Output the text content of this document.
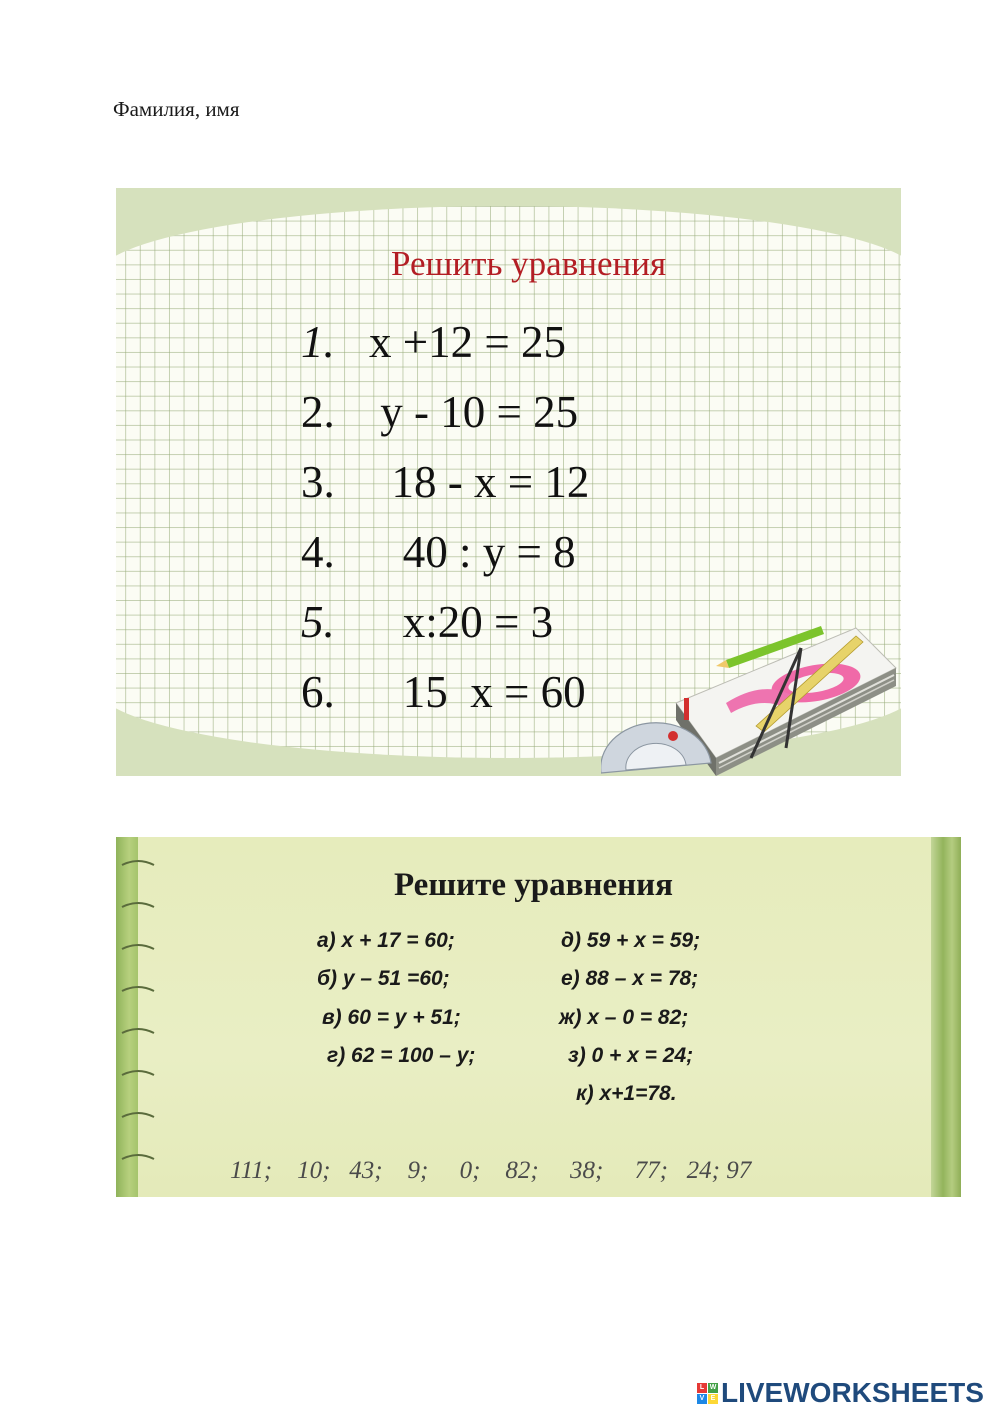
Фамилия, имя
Решить уравнения
1. x +12 = 25
2. y - 10 = 25
3. 18 - x = 12
4. 40 : y = 8
5. x:20 = 3
6. 15  x = 60
Решите уравнения
а) x + 17 = 60;
б) y – 51 =60;
в) 60 = y + 51;
г) 62 = 100 – y;
д) 59 + x = 59;
е) 88 – x = 78;
ж) x – 0 = 82;
з) 0 + x = 24;
к) x+1=78.
111;    10;   43;    9;     0;    82;     38;     77;   24; 97
L W
V E LIVEWORKSHEETS
